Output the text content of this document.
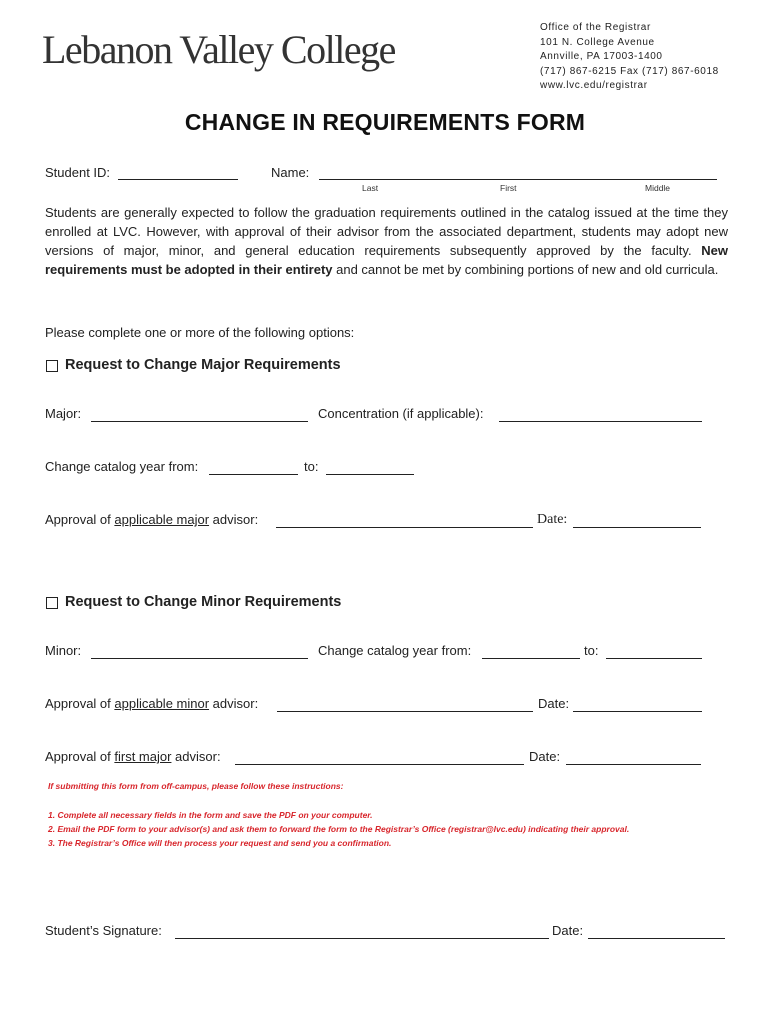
Lebanon Valley College	Office of the Registrar
101 N. College Avenue
Annville, PA 17003-1400
(717) 867-6215 Fax (717) 867-6018
www.lvc.edu/registrar
CHANGE IN REQUIREMENTS FORM
Student ID:	Name:
Last	First	Middle
Students are generally expected to follow the graduation requirements outlined in the catalog issued at the time they enrolled at LVC. However, with approval of their advisor from the associated department, students may adopt new versions of major, minor, and general education requirements subsequently approved by the faculty. New requirements must be adopted in their entirety and cannot be met by combining portions of new and old curricula.
Please complete one or more of the following options:
Request to Change Major Requirements
Major:	Concentration (if applicable):
Change catalog year from:	to:
Approval of applicable major advisor:	Date:
Request to Change Minor Requirements
Minor:	Change catalog year from:	to:
Approval of applicable minor advisor:	Date:
Approval of first major advisor:	Date:
If submitting this form from off-campus, please follow these instructions:
1. Complete all necessary fields in the form and save the PDF on your computer.
2. Email the PDF form to your advisor(s) and ask them to forward the form to the Registrar’s Office (registrar@lvc.edu) indicating their approval.
3. The Registrar’s Office will then process your request and send you a confirmation.
Student’s Signature:	Date:
